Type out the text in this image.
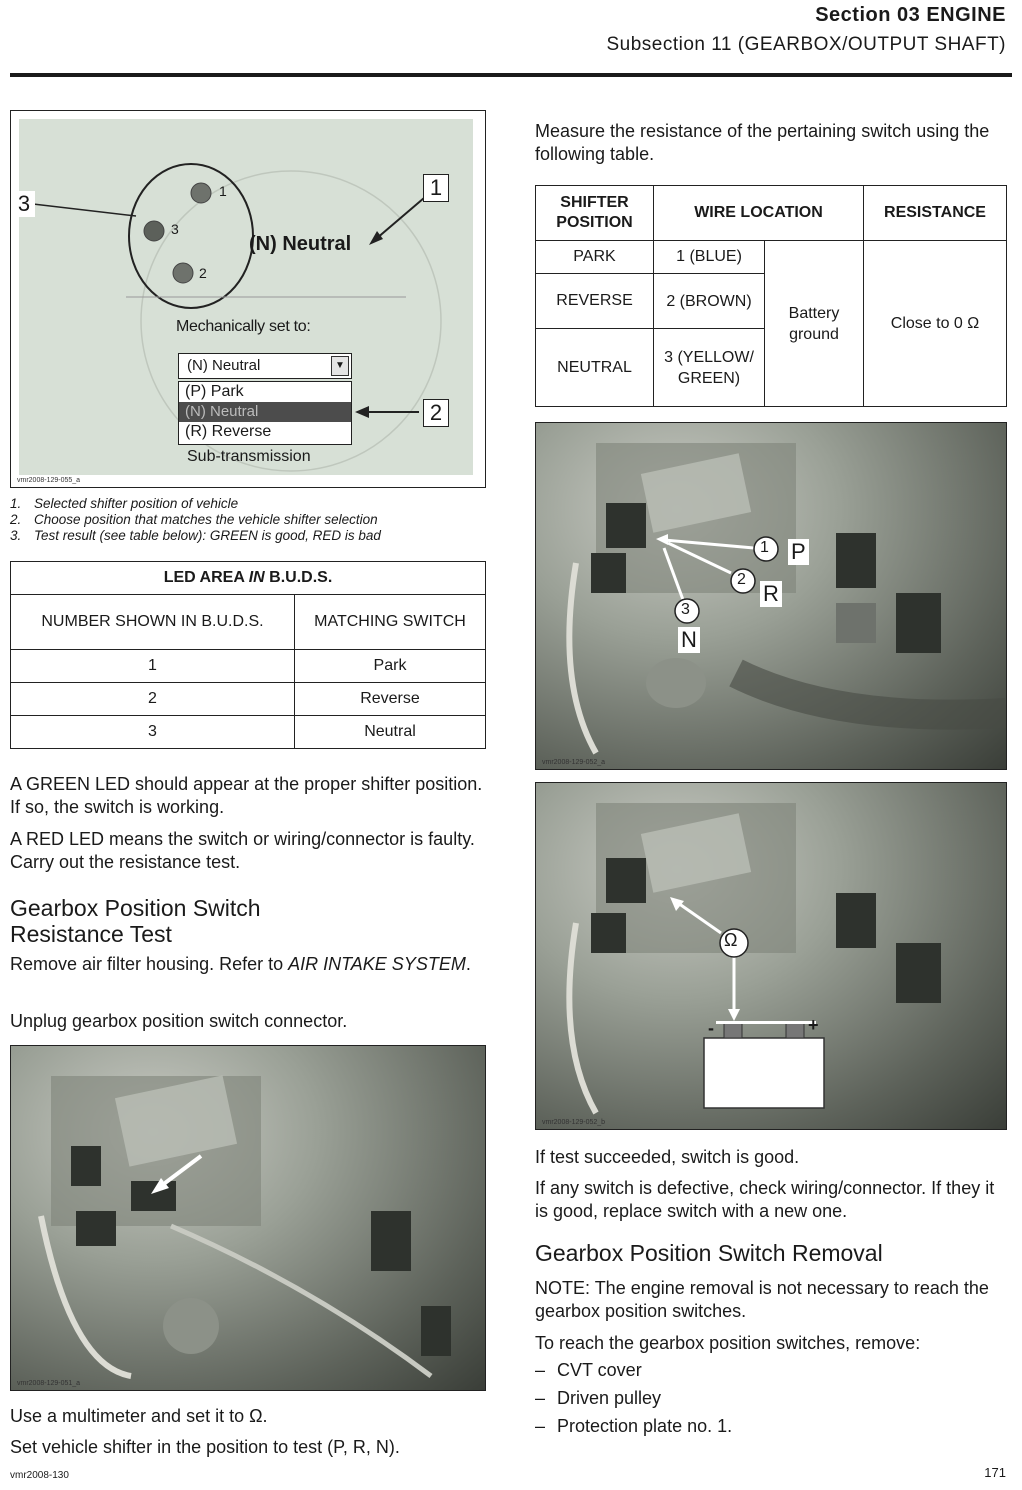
Section 03 ENGINE
Subsection 11 (GEARBOX/OUTPUT SHAFT)
1
2
3	1
3
2
(N) Neutral
Mechanically set to:
(N) Neutral	▼
(P) Park
(N) Neutral
(R) Reverse
Sub-transmission
vmr2008-129-055_a
1. Selected shifter position of vehicle
2. Choose position that matches the vehicle shifter selection
3. Test result (see table below): GREEN is good, RED is bad
LED AREA IN B.U.D.S.	
NUMBER SHOWN IN B.U.D.S.	MATCHING SWITCH
1	Park
2	Reverse
3	Neutral
A GREEN LED should appear at the proper shifter position. If so, the switch is working.
A RED LED means the switch or wiring/connector is faulty. Carry out the resistance test.
Gearbox Position Switch
Resistance Test
Remove air filter housing. Refer to AIR INTAKE SYSTEM.
Unplug gearbox position switch connector.
vmr2008-129-051_a
Use a multimeter and set it to Ω.
Set vehicle shifter in the position to test (P, R, N).
Measure the resistance of the pertaining switch using the following table.
SHIFTER POSITION	WIRE LOCATION		RESISTANCE
PARK	1 (BLUE)	Battery ground	Close to 0 Ω
REVERSE	2 (BROWN)		
NEUTRAL	3 (YELLOW/ GREEN)		
1 P
2
R
3
N
vmr2008-129-052_a
Ω
-	+
vmr2008-129-052_b
If test succeeded, switch is good.
If any switch is defective, check wiring/connector. If they it is good, replace switch with a new one.
Gearbox Position Switch Removal
NOTE: The engine removal is not necessary to reach the gearbox position switches.
To reach the gearbox position switches, remove:
– CVT cover
– Driven pulley
– Protection plate no. 1.
vmr2008-130	171
